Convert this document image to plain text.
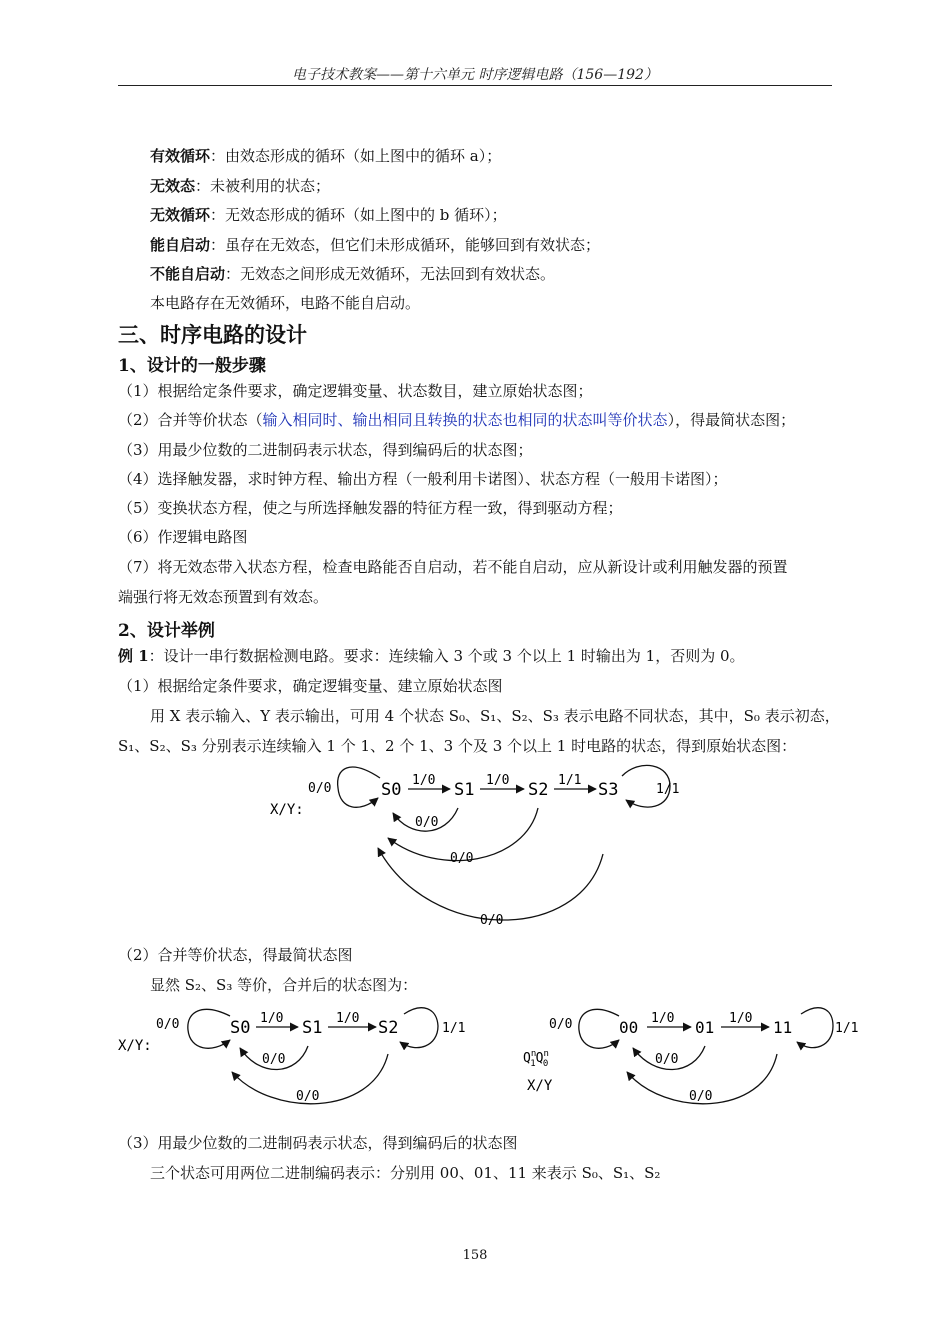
电子技术教案——第十六单元 时序逻辑电路（156—192）
有效循环：由效态形成的循环（如上图中的循环 a）；
无效态：未被利用的状态；
无效循环：无效态形成的循环（如上图中的 b 循环）；
能自启动：虽存在无效态，但它们未形成循环，能够回到有效状态；
不能自启动：无效态之间形成无效循环，无法回到有效状态。
本电路存在无效循环，电路不能自启动。
三、时序电路的设计
1、设计的一般步骤
（1）根据给定条件要求，确定逻辑变量、状态数目，建立原始状态图；
（2）合并等价状态（输入相同时、输出相同且转换的状态也相同的状态叫等价状态），得最简状态图；
（3）用最少位数的二进制码表示状态，得到编码后的状态图；
（4）选择触发器，求时钟方程、输出方程（一般利用卡诺图）、状态方程（一般用卡诺图）；
（5）变换状态方程，使之与所选择触发器的特征方程一致，得到驱动方程；
（6）作逻辑电路图
（7）将无效态带入状态方程，检查电路能否自启动，若不能自启动，应从新设计或利用触发器的预置
端强行将无效态预置到有效态。
2、设计举例
例 1：设计一串行数据检测电路。要求：连续输入 3 个或 3 个以上 1 时输出为 1，否则为 0。
（1）根据给定条件要求，确定逻辑变量、建立原始状态图
用 X 表示输入、Y 表示输出，可用 4 个状态 S₀、S₁、S₂、S₃ 表示电路不同状态，其中，S₀ 表示初态，
S₁、S₂、S₃ 分别表示连续输入 1 个 1、2 个 1、3 个及 3 个以上 1 时电路的状态，得到原始状态图：
X/Y:
0/0	S0 1/0 S1 1/0 S2 1/1 S3	1/1
0/0
0/0
0/0
（2）合并等价状态，得最简状态图
显然 S₂、S₃ 等价，合并后的状态图为：
X/Y:
0/0	S0 1/0 S1 1/0 S2	1/1
0/0
0/0
0/0	00 1/0 01 1/0 11	1/1
$Q^n$ $1Q^n$ 0
X/Y
0/0
0/0
（3）用最少位数的二进制码表示状态，得到编码后的状态图
三个状态可用两位二进制编码表示：分别用 00、01、11 来表示 S₀、S₁、S₂
158
